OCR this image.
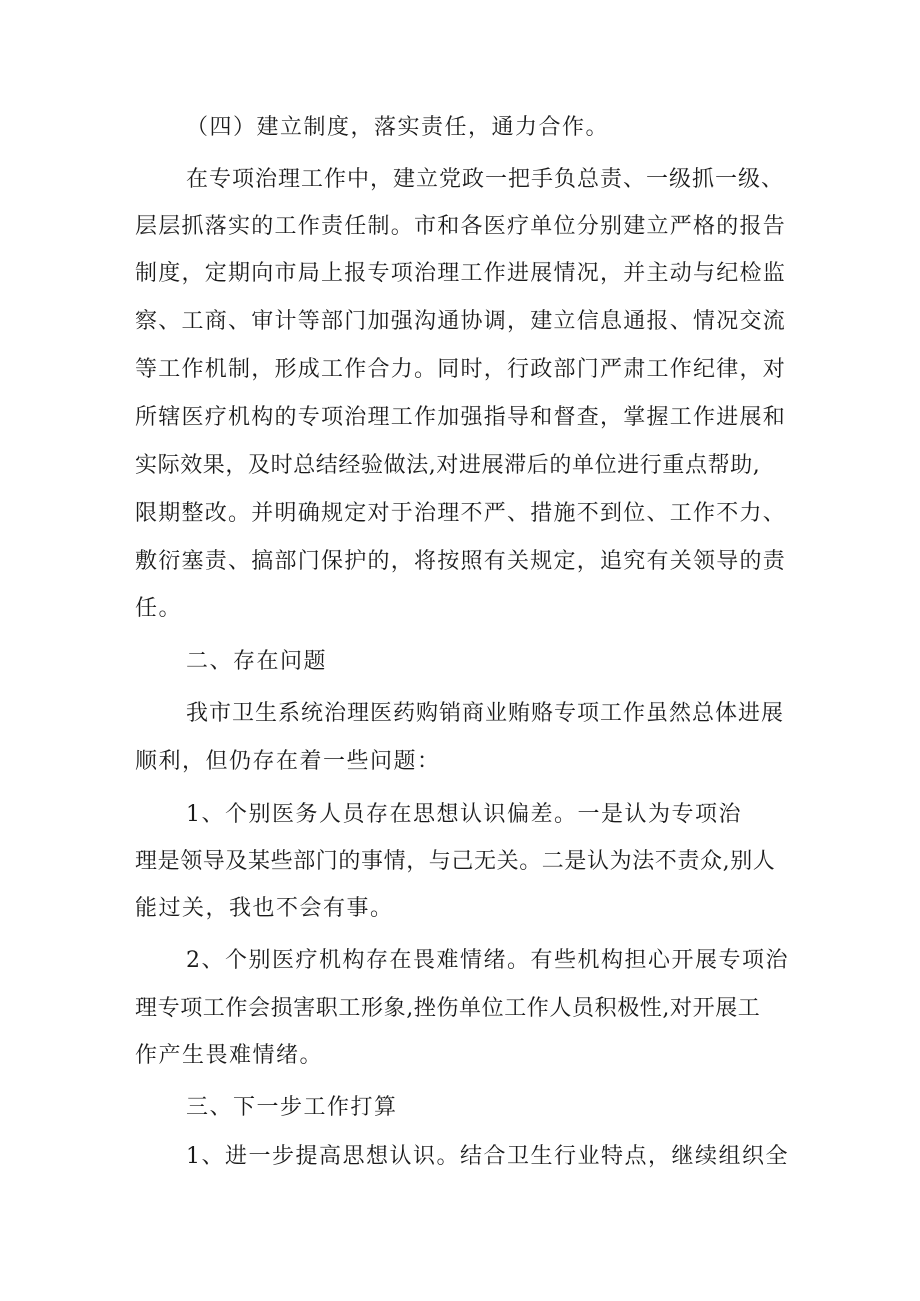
（四）建立制度，落实责任，通力合作。

在专项治理工作中，建立党政一把手负总责、一级抓一级、

层层抓落实的工作责任制。市和各医疗单位分别建立严格的报告

制度，定期向市局上报专项治理工作进展情况，并主动与纪检监

察、工商、审计等部门加强沟通协调，建立信息通报、情况交流

等工作机制，形成工作合力。同时，行政部门严肃工作纪律，对

所辖医疗机构的专项治理工作加强指导和督查，掌握工作进展和

实际效果，及时总结经验做法,对进展滞后的单位进行重点帮助,

限期整改。并明确规定对于治理不严、措施不到位、工作不力、

敷衍塞责、搞部门保护的，将按照有关规定，追究有关领导的责

任。

二、存在问题

我市卫生系统治理医药购销商业贿赂专项工作虽然总体进展

顺利，但仍存在着一些问题：

1、个别医务人员存在思想认识偏差。一是认为专项治

理是领导及某些部门的事情，与己无关。二是认为法不责众,别人

能过关，我也不会有事。

2、个别医疗机构存在畏难情绪。有些机构担心开展专项治

理专项工作会损害职工形象,挫伤单位工作人员积极性,对开展工

作产生畏难情绪。

三、下一步工作打算

1、进一步提高思想认识。结合卫生行业特点，继续组织全
